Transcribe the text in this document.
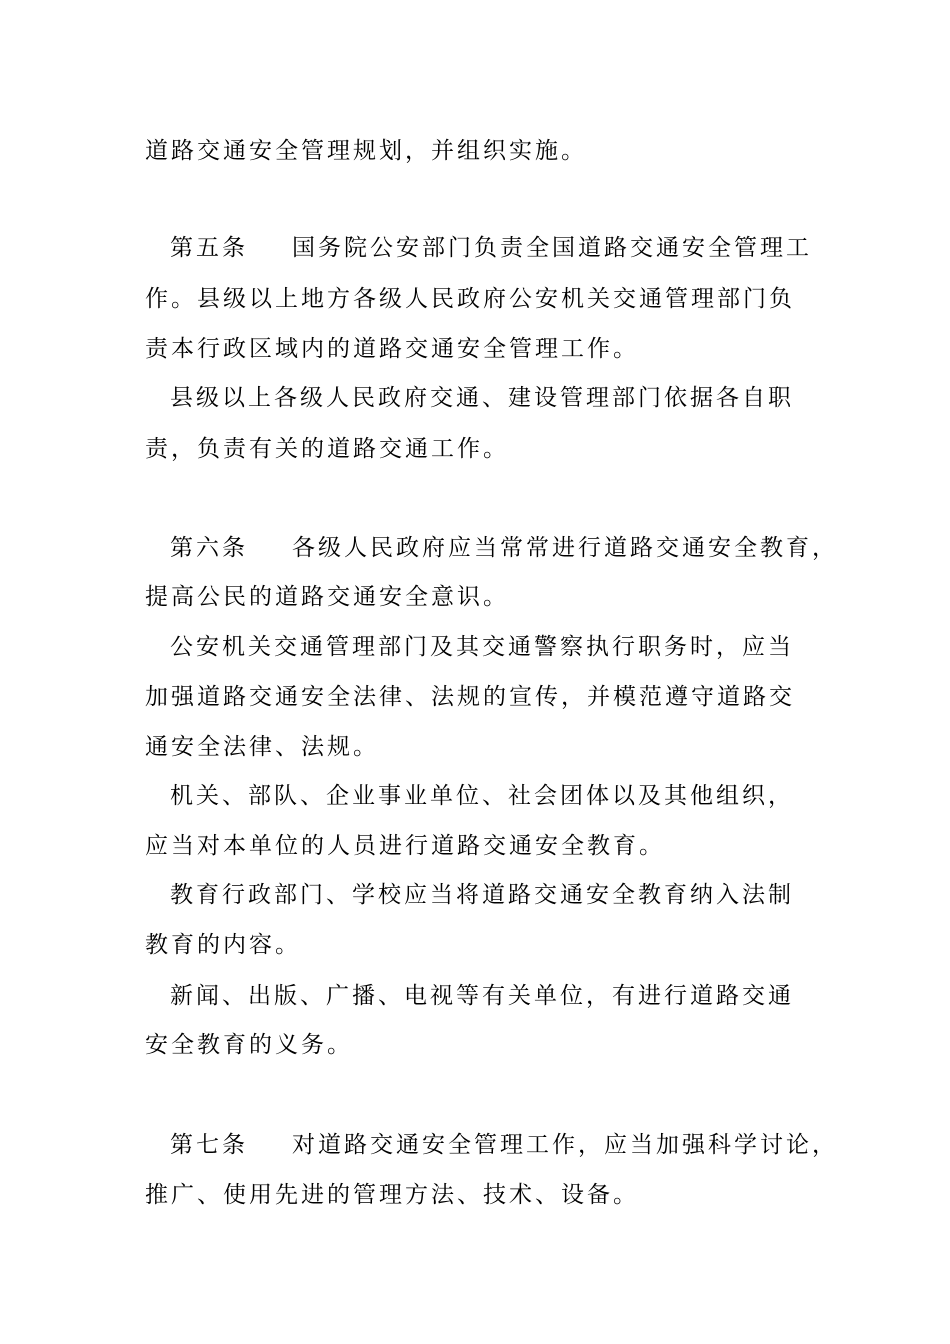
道路交通安全管理规划，并组织实施。
第五条 国务院公安部门负责全国道路交通安全管理工
作。县级以上地方各级人民政府公安机关交通管理部门负
责本行政区域内的道路交通安全管理工作。
县级以上各级人民政府交通、建设管理部门依据各自职
责，负责有关的道路交通工作。
第六条 各级人民政府应当常常进行道路交通安全教育，
提高公民的道路交通安全意识。
公安机关交通管理部门及其交通警察执行职务时，应当
加强道路交通安全法律、法规的宣传，并模范遵守道路交
通安全法律、法规。
机关、部队、企业事业单位、社会团体以及其他组织，
应当对本单位的人员进行道路交通安全教育。
教育行政部门、学校应当将道路交通安全教育纳入法制
教育的内容。
新闻、出版、广播、电视等有关单位，有进行道路交通
安全教育的义务。
第七条 对道路交通安全管理工作，应当加强科学讨论，
推广、使用先进的管理方法、技术、设备。
